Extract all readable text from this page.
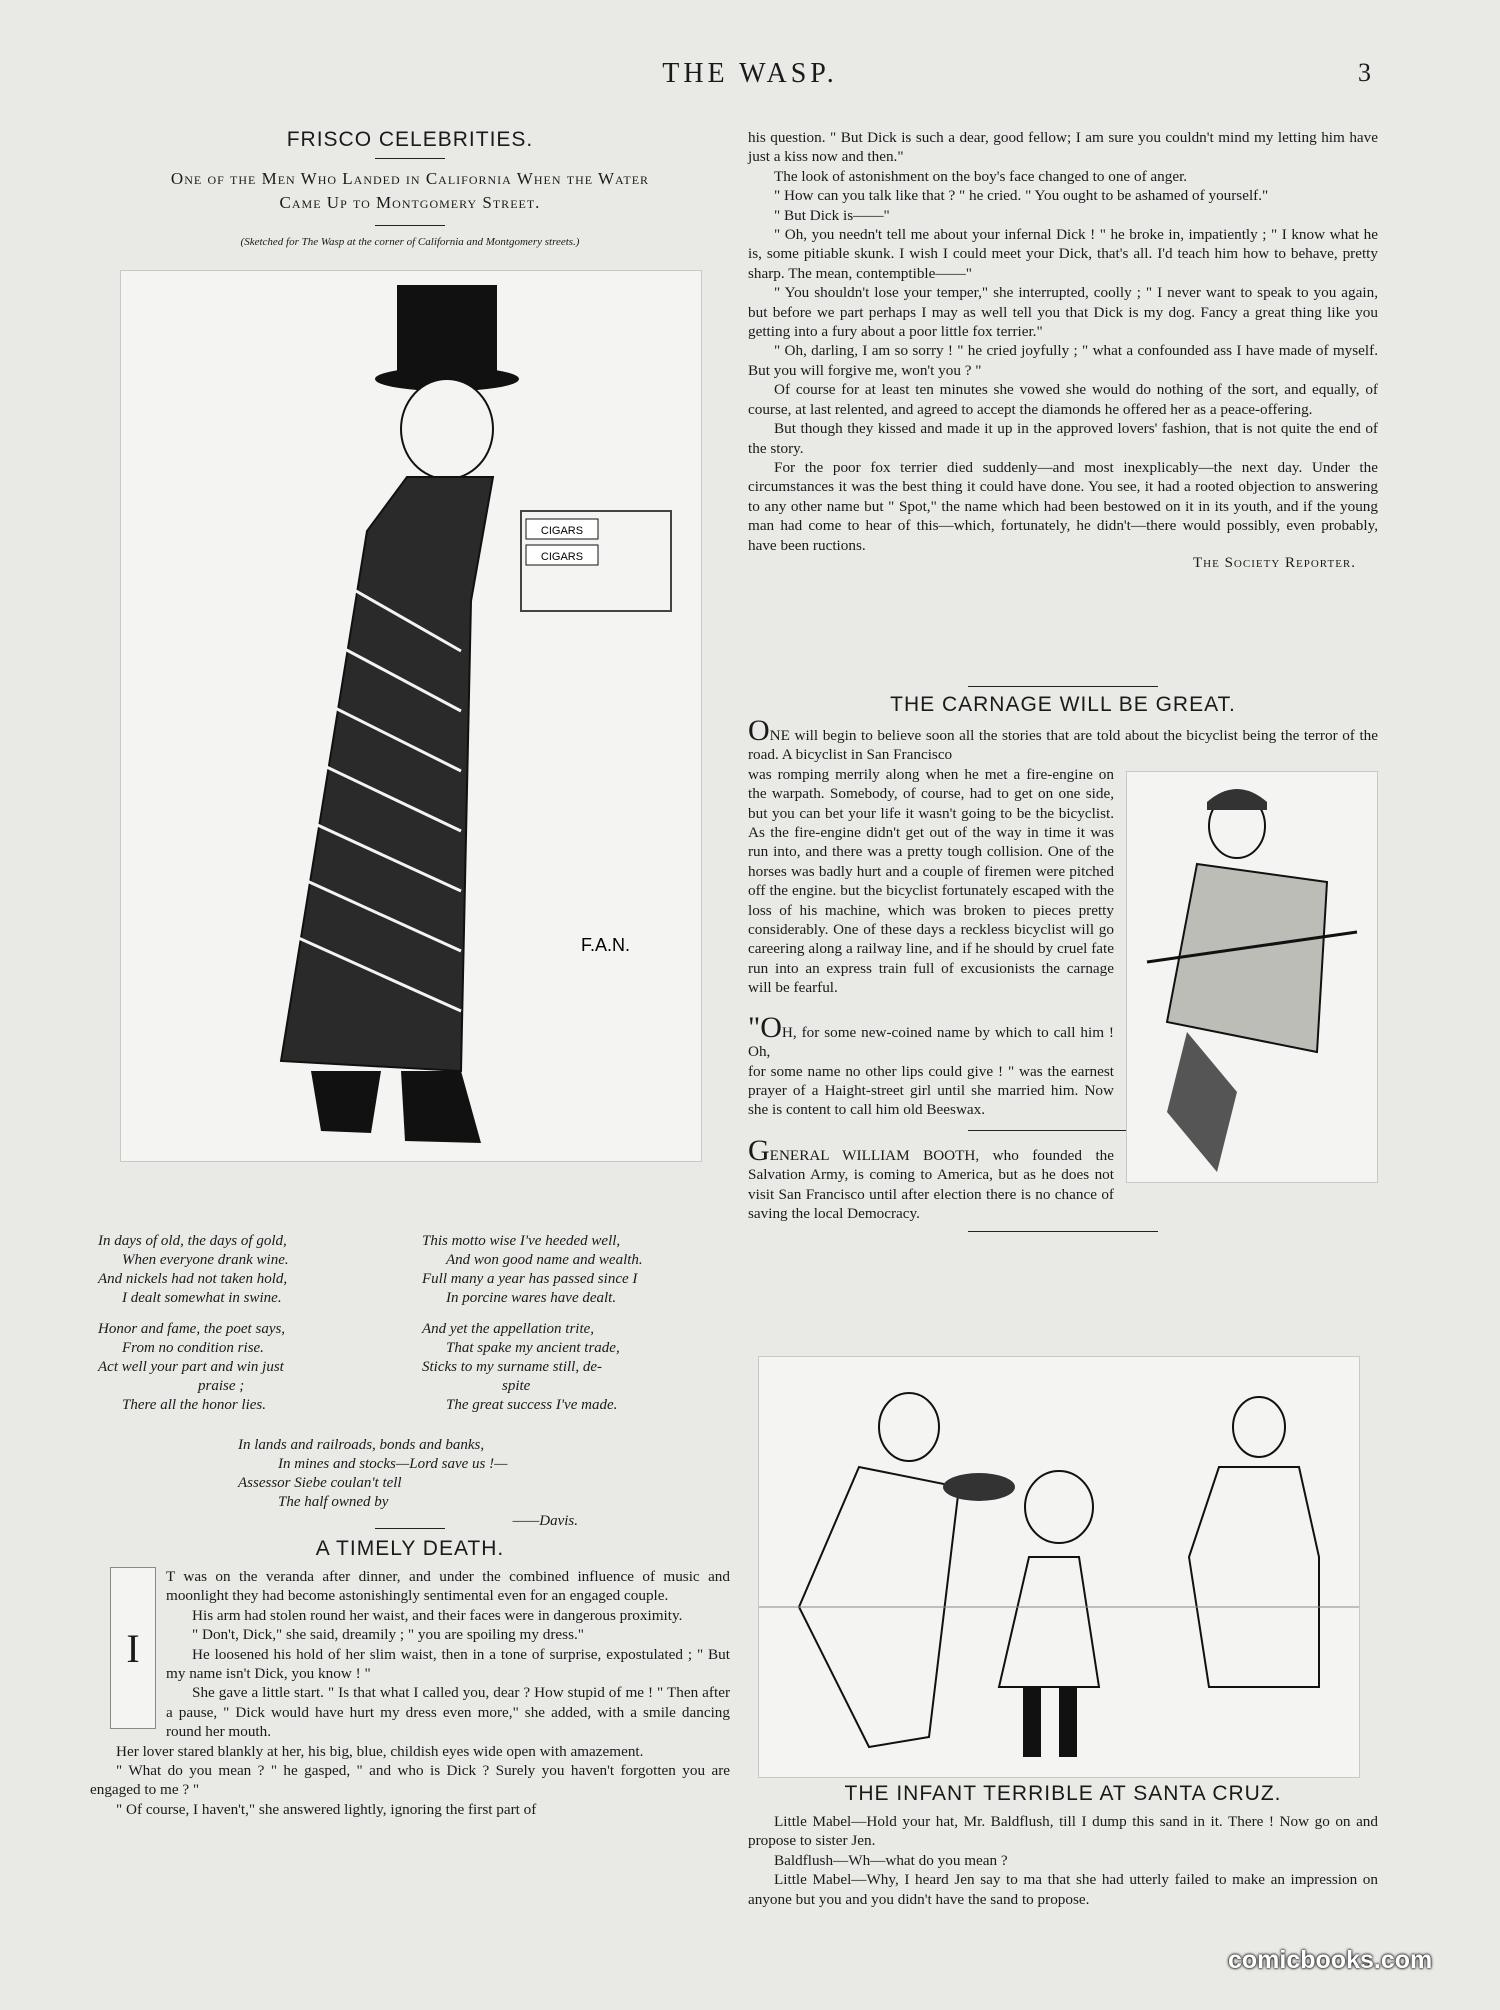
THE WASP.	3
FRISCO CELEBRITIES.
One of the Men Who Landed in California When the Water
Came Up to Montgomery Street.
(Sketched for The Wasp at the corner of California and Montgomery streets.)
CIGARS
CIGARS
F.A.N.
In days of old, the days of gold,
When everyone drank wine.
And nickels had not taken hold,
I dealt somewhat in swine.
Honor and fame, the poet says,
From no condition rise.
Act well your part and win just
praise ;
There all the honor lies.
This motto wise I've heeded well,
And won good name and wealth.
Full many a year has passed since I
In porcine wares have dealt.
And yet the appellation trite,
That spake my ancient trade,
Sticks to my surname still, de-
spite
The great success I've made.
In lands and railroads, bonds and banks,
In mines and stocks—Lord save us !—
Assessor Siebe coulan't tell
The half owned by
——Davis.
A TIMELY DEATH.
I

T was on the veranda after dinner, and under the combined influence of music and moonlight they had become astonishingly sentimental even for an engaged couple.

His arm had stolen round her waist, and their faces were in dangerous proximity.

" Don't, Dick," she said, dreamily ; " you are spoiling my dress."

He loosened his hold of her slim waist, then in a tone of surprise, expostulated ; " But my name isn't Dick, you know ! "

She gave a little start. " Is that what I called you, dear ? How stupid of me ! " Then after a pause, " Dick would have hurt my dress even more," she added, with a smile dancing round her mouth.

Her lover stared blankly at her, his big, blue, childish eyes wide open with amazement.

" What do you mean ? " he gasped, " and who is Dick ? Surely you haven't forgotten you are engaged to me ? "

" Of course, I haven't," she answered lightly, ignoring the first part of

his question. " But Dick is such a dear, good fellow; I am sure you couldn't mind my letting him have just a kiss now and then."

The look of astonishment on the boy's face changed to one of anger.

" How can you talk like that ? " he cried. " You ought to be ashamed of yourself."

" But Dick is——"

" Oh, you needn't tell me about your infernal Dick ! " he broke in, impatiently ; " I know what he is, some pitiable skunk. I wish I could meet your Dick, that's all. I'd teach him how to behave, pretty sharp. The mean, contemptible——"

" You shouldn't lose your temper," she interrupted, coolly ; " I never want to speak to you again, but before we part perhaps I may as well tell you that Dick is my dog. Fancy a great thing like you getting into a fury about a poor little fox terrier."

" Oh, darling, I am so sorry ! " he cried joyfully ; " what a confounded ass I have made of myself. But you will forgive me, won't you ? "

Of course for at least ten minutes she vowed she would do nothing of the sort, and equally, of course, at last relented, and agreed to accept the diamonds he offered her as a peace-offering.

But though they kissed and made it up in the approved lovers' fashion, that is not quite the end of the story.

For the poor fox terrier died suddenly—and most inexplicably—the next day. Under the circumstances it was the best thing it could have done. You see, it had a rooted objection to answering to any other name but " Spot," the name which had been bestowed on it in its youth, and if the young man had come to hear of this—which, fortunately, he didn't—there would possibly, even probably, have been ructions.

The Society Reporter.
THE CARNAGE WILL BE GREAT.

ONE will begin to believe soon all the stories that are told about the bicyclist being the terror of the road. A bicyclist in San Francisco

was romping merrily along when he met a fire-engine on the warpath. Somebody, of course, had to get on one side, but you can bet your life it wasn't going to be the bicyclist. As the fire-engine didn't get out of the way in time it was run into, and there was a pretty tough collision. One of the horses was badly hurt and a couple of firemen were pitched off the engine. but the bicyclist fortunately escaped with the loss of his machine, which was broken to pieces pretty considerably. One of these days a reckless bicyclist will go careering along a railway line, and if he should by cruel fate run into an express train full of excusionists the carnage will be fearful.

"OH, for some new-coined name by which to call him ! Oh,

for some name no other lips could give ! " was the earnest prayer of a Haight-street girl until she married him. Now she is content to call him old Beeswax.

GENERAL WILLIAM BOOTH, who founded the Salvation Army, is coming to America, but as he does not visit San Francisco until after election there is no chance of saving the local Democracy.

THE INFANT TERRIBLE AT SANTA CRUZ.

Little Mabel—Hold your hat, Mr. Baldflush, till I dump this sand in it. There ! Now go on and propose to sister Jen.

Baldflush—Wh—what do you mean ?

Little Mabel—Why, I heard Jen say to ma that she had utterly failed to make an impression on anyone but you and you didn't have the sand to propose.

comicbooks.com
